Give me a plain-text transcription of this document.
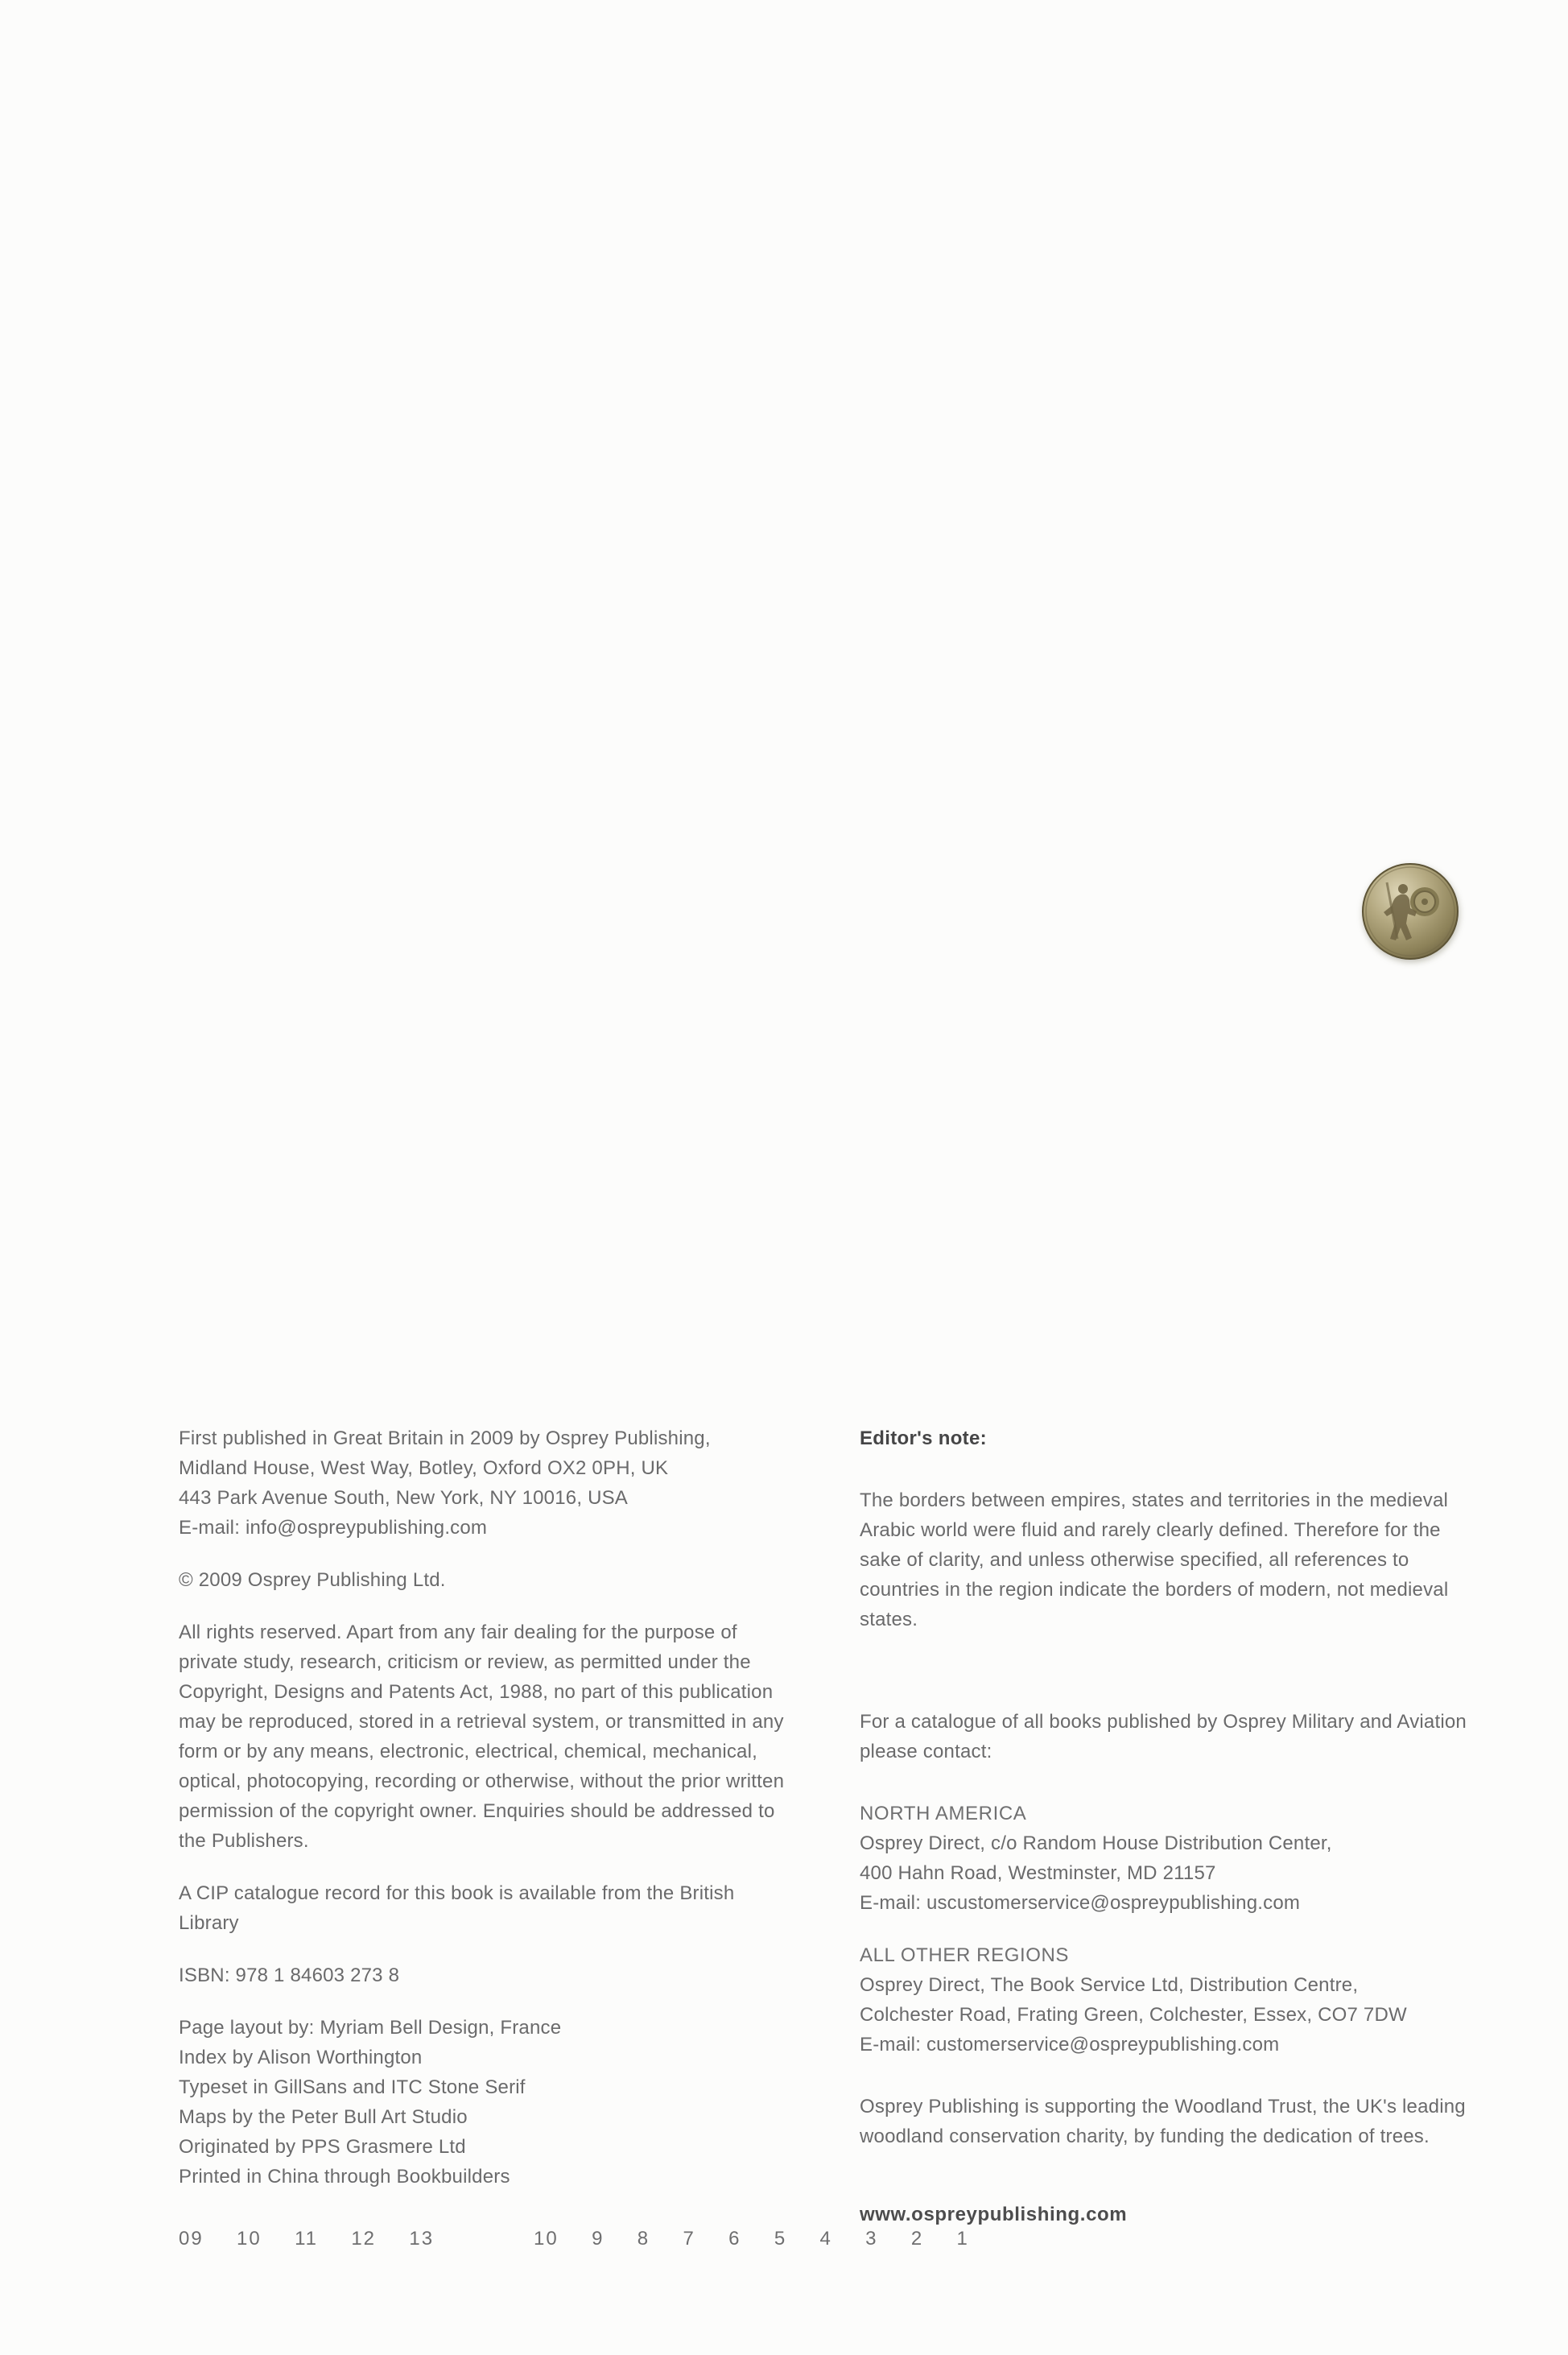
First published in Great Britain in 2009 by Osprey Publishing,
Midland House, West Way, Botley, Oxford OX2 0PH, UK
443 Park Avenue South, New York, NY 10016, USA
E-mail: info@ospreypublishing.com

© 2009 Osprey Publishing Ltd.

All rights reserved. Apart from any fair dealing for the purpose of private study, research, criticism or review, as permitted under the Copyright, Designs and Patents Act, 1988, no part of this publication may be reproduced, stored in a retrieval system, or transmitted in any form or by any means, electronic, electrical, chemical, mechanical, optical, photocopying, recording or otherwise, without the prior written permission of the copyright owner. Enquiries should be addressed to the Publishers.

A CIP catalogue record for this book is available from the British Library

ISBN: 978 1 84603 273 8

Page layout by: Myriam Bell Design, France
Index by Alison Worthington
Typeset in GillSans and ITC Stone Serif
Maps by the Peter Bull Art Studio
Originated by PPS Grasmere Ltd
Printed in China through Bookbuilders

09  10  11  12  13      10  9  8  7  6  5  4  3  2  1

Editor's note:

The borders between empires, states and territories in the medieval Arabic world were fluid and rarely clearly defined. Therefore for the sake of clarity, and unless otherwise specified, all references to countries in the region indicate the borders of modern, not medieval states.

For a catalogue of all books published by Osprey Military and Aviation please contact:

NORTH AMERICA
Osprey Direct, c/o Random House Distribution Center,
400 Hahn Road, Westminster, MD 21157
E-mail: uscustomerservice@ospreypublishing.com

ALL OTHER REGIONS
Osprey Direct, The Book Service Ltd, Distribution Centre,
Colchester Road, Frating Green, Colchester, Essex, CO7 7DW
E-mail: customerservice@ospreypublishing.com

Osprey Publishing is supporting the Woodland Trust, the UK's leading woodland conservation charity, by funding the dedication of trees.

www.ospreypublishing.com
